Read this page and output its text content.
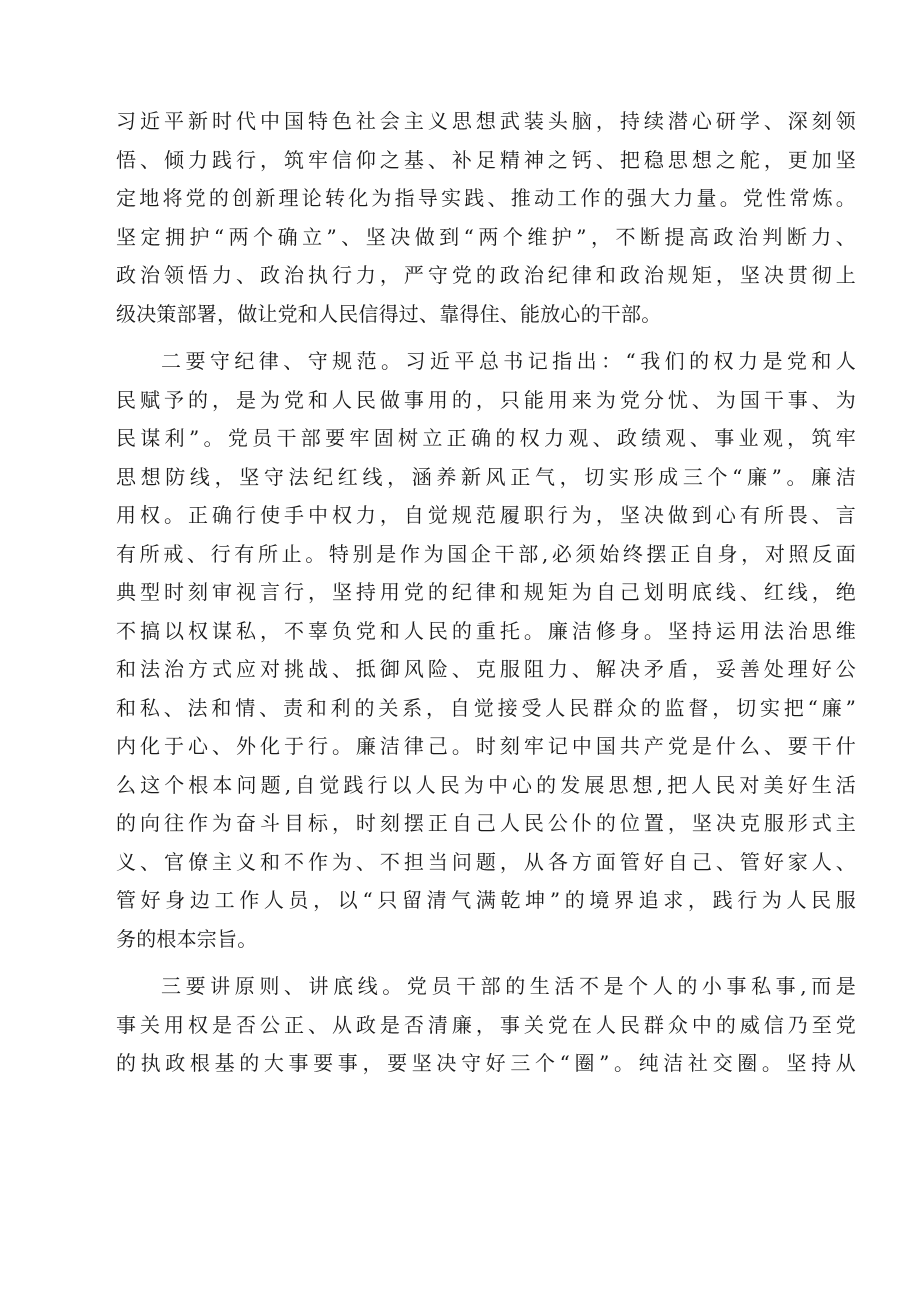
习近平新时代中国特色社会主义思想武装头脑，持续潜心研学、深刻领
悟、倾力践行，筑牢信仰之基、补足精神之钙、把稳思想之舵，更加坚
定地将党的创新理论转化为指导实践、推动工作的强大力量。党性常炼。
坚定拥护“两个确立”、坚决做到“两个维护”，不断提高政治判断力、
政治领悟力、政治执行力，严守党的政治纪律和政治规矩，坚决贯彻上
级决策部署，做让党和人民信得过、靠得住、能放心的干部。
二要守纪律、守规范。习近平总书记指出：“我们的权力是党和人
民赋予的，是为党和人民做事用的，只能用来为党分忧、为国干事、为
民谋利”。党员干部要牢固树立正确的权力观、政绩观、事业观，筑牢
思想防线，坚守法纪红线，涵养新风正气，切实形成三个“廉”。廉洁
用权。正确行使手中权力，自觉规范履职行为，坚决做到心有所畏、言
有所戒、行有所止。特别是作为国企干部,必须始终摆正自身，对照反面
典型时刻审视言行，坚持用党的纪律和规矩为自己划明底线、红线，绝
不搞以权谋私，不辜负党和人民的重托。廉洁修身。坚持运用法治思维
和法治方式应对挑战、抵御风险、克服阻力、解决矛盾，妥善处理好公
和私、法和情、责和利的关系，自觉接受人民群众的监督，切实把“廉”
内化于心、外化于行。廉洁律己。时刻牢记中国共产党是什么、要干什
么这个根本问题,自觉践行以人民为中心的发展思想,把人民对美好生活
的向往作为奋斗目标，时刻摆正自己人民公仆的位置，坚决克服形式主
义、官僚主义和不作为、不担当问题，从各方面管好自己、管好家人、
管好身边工作人员，以“只留清气满乾坤”的境界追求，践行为人民服
务的根本宗旨。
三要讲原则、讲底线。党员干部的生活不是个人的小事私事,而是
事关用权是否公正、从政是否清廉，事关党在人民群众中的威信乃至党
的执政根基的大事要事，要坚决守好三个“圈”。纯洁社交圈。坚持从
